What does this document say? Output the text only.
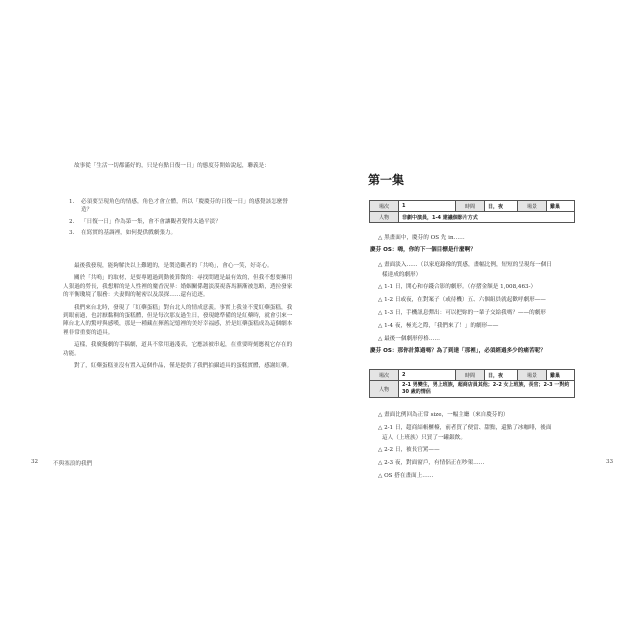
故事從「生活一切都滿好的，只是有點日復一日」的態度芬開始說起，聯義是：

1.	必須要呈現角色的情感，角色才會立體，所以「慶慶芬的日復一日」的感覺該怎麼營造？
2.	「日復一日」作為第一集，會不會讓觀者覺得太過平淡？
3.	在寫實的基調裡，如何提供戲劇張力。

最後我發現，能夠解決以上難題的，是製造觀者的「共鳴」，會心一笑，好奇心。

關於「共鳴」的取材，是要專題過到動後算微的：尋找問題是最有效的，但我不想要擁用人狠過的勞長，我想解的是人性裡的魔香況界：婚姻關係趨淡漠視落馬漸漸被忽略，透拉發家的平衡瓊境了服務：夫妻間的秘密以及誤探……還有追逐。

我們來台北時，發現了「紅藥蛋糕」對台北人的情成意義。事實上我並不愛紅藥蛋糕，我到眼前過，也討厭黏稠的蛋糕體，但是每次那友過生日，發現總準備的是紅藥時，就會引來一陣台北人的驚呼與感嘆，那是一種藏在揮舊記憶裡的美好幸福感，於是紅藥蛋糕成為這個劇本裡非常重要的道具。

這樣，我廣擬劇的手稿劇，道具不常用過淺表，它應該被串起，在重要時刻應視它存在的功能。

對了，紅藥蛋糕並沒有置入這個作品，僅是提供了我們拍攝道具的蛋糕實體，感謝紅藥。

32	不與塞浪的我們
第一集
場次	1	時間	日，夜	場景	雞巢
人物	非劇中演員，1-4 建議個影片方式				
△ 黑畫面中，慶芬的 OS 先 in……
慶芬 OS：嗨，你的下一個目標是什麼啊？
△ 畫面淡入……（以家庭錄像的質感，畫幅比例，短短的呈現每一個日
樣達成的劇形）
△ 1-1 日，開心和存錢合影的劇形。（存摺金額是 1,008,463-）
△ 1-2 日或夜，在對案子（或待機）五、六個組員就起歡呼劇形——
△ 1-3 日，手機訊息彈出：可以把妳的一輩子交給我嗎？——的劇形
△ 1-4 夜，極光之際，「我們來了！」的劇形——
△ 最後一個劇形停格……
慶芬 OS：那你計算過嗎？為了到達「那裡」，必須經過多少的痛苦呢？
場次	2	時間	日，夜	場景	雞巢
人物	2-1 男變生，男上班族，超商店員其他；2-2 女上班族，長官；2-3 一對約 30 歲的情侶				
△ 畫面比例回為正常 size，一幅主廳（來自慶芬的）
△ 2-1 日，超商結帳櫃檯，前者買了便當、甜點，還點了冰咖啡，後面
這人（上班族）只買了一罐銀飲。
△ 2-2 日，被長官罵——
△ 2-3 夜，對面窗戶，有情侶正在吵架……
△ OS 搭在畫面上……
33
